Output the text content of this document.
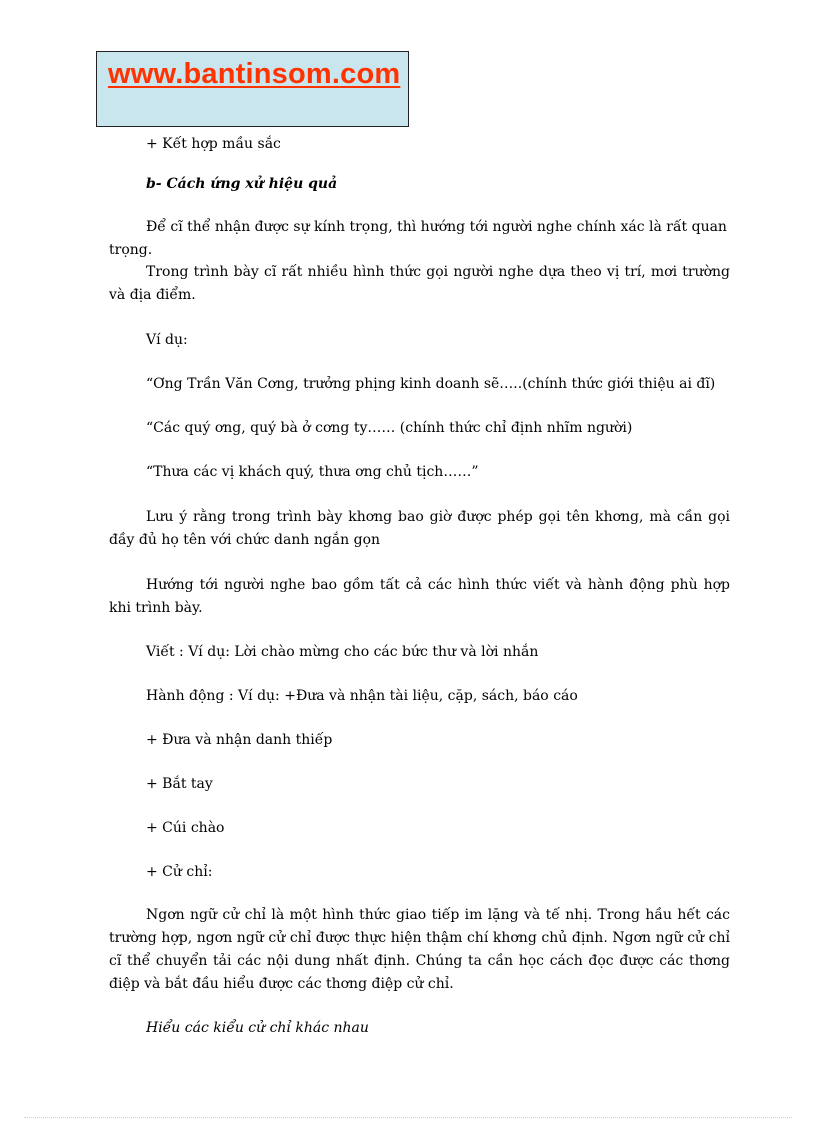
www.bantinsom.com

+ Kết hợp mầu sắc

b- Cách ứng xử hiệu quả

Để cĩ thể nhận được sự kính trọng, thì hướng tới người nghe chính xác là rất quan trọng.

Trong trình bày cĩ rất nhiều hình thức gọi người nghe dựa theo vị trí, mơi trường và địa điểm.

Ví dụ:

“Ơng Trần Văn Cơng, trưởng phịng kinh doanh sẽ…..(chính thức giới thiệu ai đĩ)

“Các quý ơng, quý bà ở cơng ty…… (chính thức chỉ định nhĩm người)

“Thưa các vị khách quý, thưa ơng chủ tịch……”

Lưu ý rằng trong trình bày khơng bao giờ được phép gọi tên khơng, mà cần gọi đầy đủ họ tên với chức danh ngắn gọn

Hướng tới người nghe bao gồm tất cả các hình thức viết và hành động phù hợp khi trình bày.

Viết : Ví dụ: Lời chào mừng cho các bức thư và lời nhắn

Hành động : Ví dụ: +Đưa và nhận tài liệu, cặp, sách, báo cáo

+ Đưa và nhận danh thiếp

+ Bắt tay

+ Cúi chào

+ Cử chỉ:

Ngơn ngữ cử chỉ là một hình thức giao tiếp im lặng và tế nhị. Trong hầu hết các trường hợp, ngơn ngữ cử chỉ được thực hiện thậm chí khơng chủ định. Ngơn ngữ cử chỉ cĩ thể chuyển tải các nội dung nhất định. Chúng ta cần học cách đọc được các thơng điệp và bắt đầu hiểu được các thơng điệp cử chỉ.

Hiểu các kiểu cử chỉ khác nhau
